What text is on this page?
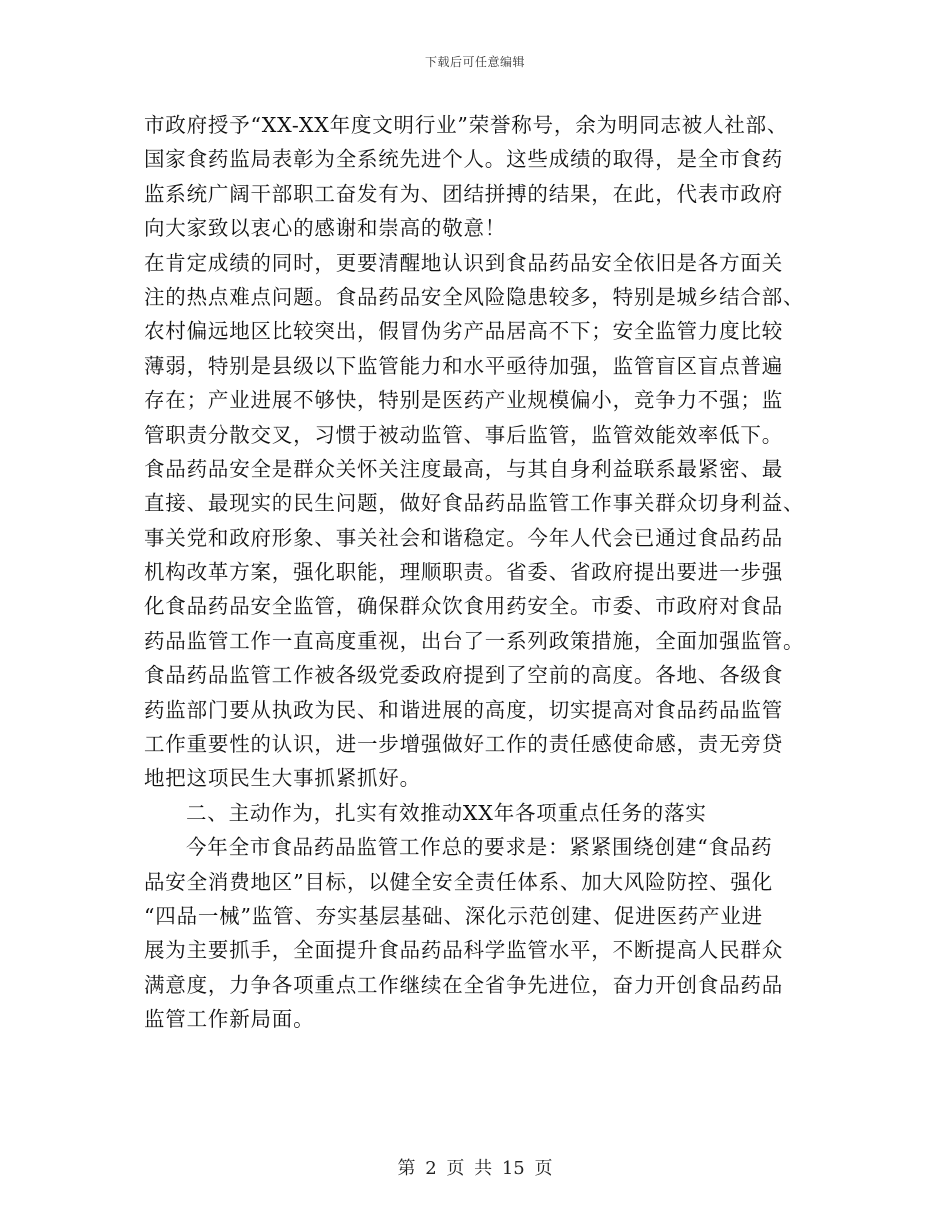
下载后可任意编辑
市政府授予“XX-XX年度文明行业”荣誉称号，余为明同志被人社部、
国家食药监局表彰为全系统先进个人。这些成绩的取得，是全市食药
监系统广阔干部职工奋发有为、团结拼搏的结果，在此，代表市政府
向大家致以衷心的感谢和崇高的敬意！
在肯定成绩的同时，更要清醒地认识到食品药品安全依旧是各方面关
注的热点难点问题。食品药品安全风险隐患较多，特别是城乡结合部、
农村偏远地区比较突出，假冒伪劣产品居高不下；安全监管力度比较
薄弱，特别是县级以下监管能力和水平亟待加强，监管盲区盲点普遍
存在；产业进展不够快，特别是医药产业规模偏小，竞争力不强；监
管职责分散交叉，习惯于被动监管、事后监管，监管效能效率低下。
食品药品安全是群众关怀关注度最高，与其自身利益联系最紧密、最
直接、最现实的民生问题，做好食品药品监管工作事关群众切身利益、
事关党和政府形象、事关社会和谐稳定。今年人代会已通过食品药品
机构改革方案，强化职能，理顺职责。省委、省政府提出要进一步强
化食品药品安全监管，确保群众饮食用药安全。市委、市政府对食品
药品监管工作一直高度重视，出台了一系列政策措施，全面加强监管。
食品药品监管工作被各级党委政府提到了空前的高度。各地、各级食
药监部门要从执政为民、和谐进展的高度，切实提高对食品药品监管
工作重要性的认识，进一步增强做好工作的责任感使命感，责无旁贷
地把这项民生大事抓紧抓好。
二、主动作为，扎实有效推动XX年各项重点任务的落实
今年全市食品药品监管工作总的要求是：紧紧围绕创建“食品药
品安全消费地区”目标，以健全安全责任体系、加大风险防控、强化
“四品一械”监管、夯实基层基础、深化示范创建、促进医药产业进
展为主要抓手，全面提升食品药品科学监管水平，不断提高人民群众
满意度，力争各项重点工作继续在全省争先进位，奋力开创食品药品
监管工作新局面。
第 2 页 共 15 页
